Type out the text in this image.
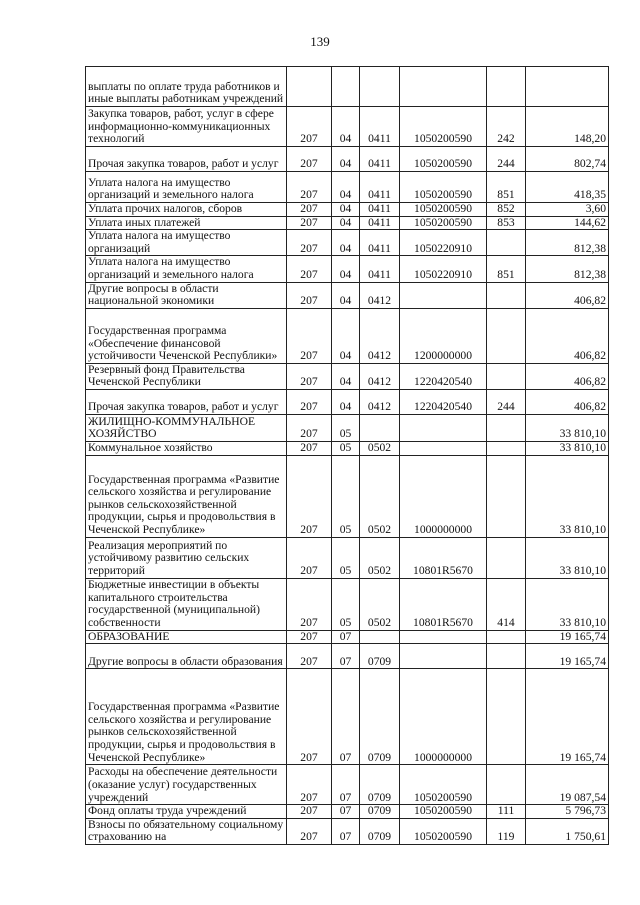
139
выплаты по оплате труда работников и иные выплаты работникам учреждений						
Закупка товаров, работ, услуг в сфере информационно-коммуникационных технологий	207	04	0411	1050200590	242	148,20
Прочая закупка товаров, работ и услуг	207	04	0411	1050200590	244	802,74
Уплата налога на имущество организаций и земельного налога	207	04	0411	1050200590	851	418,35
Уплата прочих налогов, сборов	207	04	0411	1050200590	852	3,60
Уплата иных платежей	207	04	0411	1050200590	853	144,62
Уплата налога на имущество организаций	207	04	0411	1050220910		812,38
Уплата налога на имущество организаций и земельного налога	207	04	0411	1050220910	851	812,38
Другие вопросы в области национальной экономики	207	04	0412			406,82
Государственная программа «Обеспечение финансовой устойчивости Чеченской Республики»	207	04	0412	1200000000		406,82
Резервный фонд Правительства Чеченской Республики	207	04	0412	1220420540		406,82
Прочая закупка товаров, работ и услуг	207	04	0412	1220420540	244	406,82
ЖИЛИЩНО-КОММУНАЛЬНОЕ ХОЗЯЙСТВО	207	05				33 810,10
Коммунальное хозяйство	207	05	0502			33 810,10
Государственная программа «Развитие сельского хозяйства и регулирование рынков сельскохозяйственной продукции, сырья и продовольствия в Чеченской Республике»	207	05	0502	1000000000		33 810,10
Реализация мероприятий по устойчивому развитию сельских территорий	207	05	0502	10801R5670		33 810,10
Бюджетные инвестиции в объекты капитального строительства государственной (муниципальной) собственности	207	05	0502	10801R5670	414	33 810,10
ОБРАЗОВАНИЕ	207	07				19 165,74
Другие вопросы в области образования	207	07	0709			19 165,74
Государственная программа «Развитие сельского хозяйства и регулирование рынков сельскохозяйственной продукции, сырья и продовольствия в Чеченской Республике»	207	07	0709	1000000000		19 165,74
Расходы на обеспечение деятельности (оказание услуг) государственных учреждений	207	07	0709	1050200590		19 087,54
Фонд оплаты труда учреждений	207	07	0709	1050200590	111	5 796,73
Взносы по обязательному социальному страхованию на	207	07	0709	1050200590	119	1 750,61
